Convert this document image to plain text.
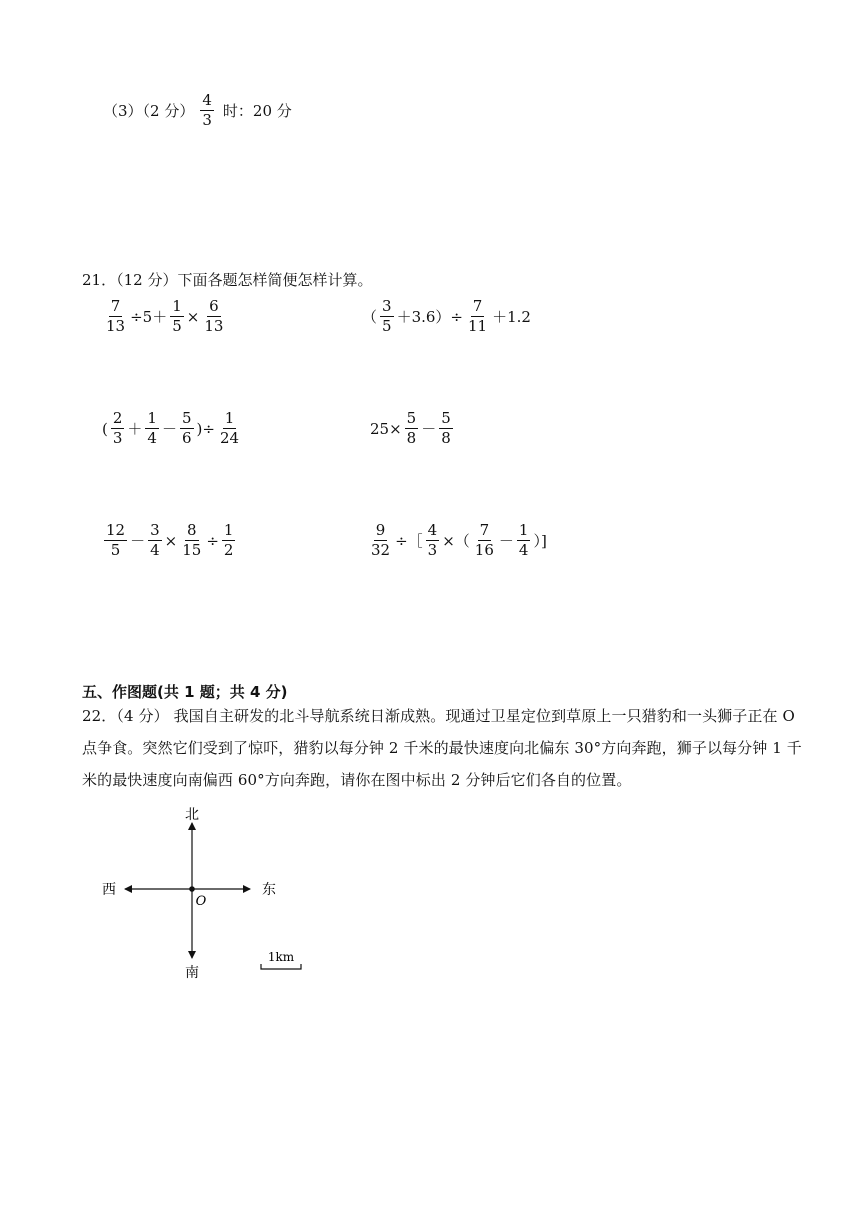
（3）（2 分） $\frac{4}{3}$ 时：20 分
21．（12 分）下面各题怎样简便怎样计算。
$\frac{7}{13} \div 5+ \frac{1}{5} \times \frac{6}{13}$	（ $\frac{3}{5} +3.6)\div \frac{7}{11} +1.2$
( $\frac{2}{3} + \frac{1}{4} - \frac{5}{6}$ )÷ $\frac{1}{24}$	$25\times \frac{5}{8} - \frac{5}{8}$
$\frac{12}{5} - \frac{3}{4} \times \frac{8}{15} \div \frac{1}{2}$	$\frac{9}{32}$ ÷［ $\frac{4}{3}$ ×（ $\frac{7}{16} - \frac{1}{4}$ ）]
五、作图题(共 1 题；共 4 分)
22．（4 分） 我国自主研发的北斗导航系统日渐成熟。现通过卫星定位到草原上一只猎豹和一头狮子正在 O 点争食。突然它们受到了惊吓，猎豹以每分钟 2 千米的最快速度向北偏东 30°方向奔跑，狮子以每分钟 1 千米的最快速度向南偏西 60°方向奔跑，请你在图中标出 2 分钟后它们各自的位置。
北
南
西	东
O
1km
